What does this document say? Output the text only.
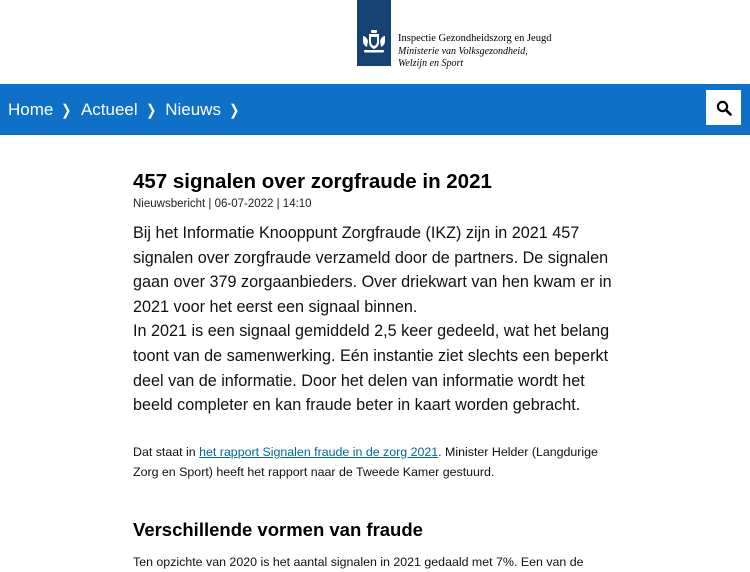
Inspectie Gezondheidszorg en Jeugd
Ministerie van Volksgezondheid,
Welzijn en Sport
Home ❯ Actueel ❯ Nieuws ❯
457 signalen over zorgfraude in 2021
Nieuwsbericht | 06-07-2022 | 14:10

Bij het Informatie Knooppunt Zorgfraude (IKZ) zijn in 2021 457 signalen over zorgfraude verzameld door de partners. De signalen gaan over 379 zorgaanbieders. Over driekwart van hen kwam er in 2021 voor het eerst een signaal binnen.

In 2021 is een signaal gemiddeld 2,5 keer gedeeld, wat het belang toont van de samenwerking. Eén instantie ziet slechts een beperkt deel van de informatie. Door het delen van informatie wordt het beeld completer en kan fraude beter in kaart worden gebracht.

Dat staat in het rapport Signalen fraude in de zorg 2021. Minister Helder (Langdurige Zorg en Sport) heeft het rapport naar de Tweede Kamer gestuurd.
Verschillende vormen van fraude
Ten opzichte van 2020 is het aantal signalen in 2021 gedaald met 7%. Een van de
